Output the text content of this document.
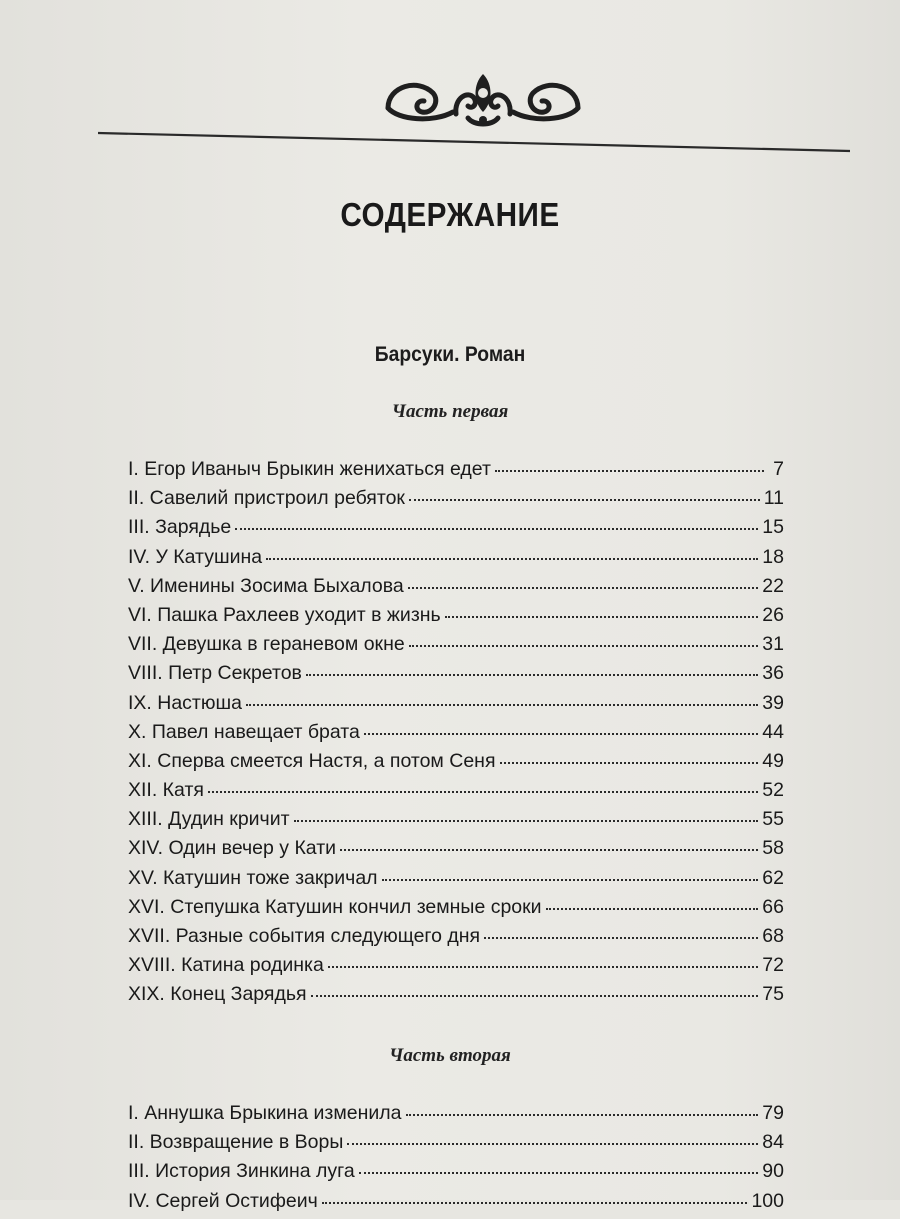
СОДЕРЖАНИЕ
Барсуки. Роман
Часть первая
I. Егор Иваныч Брыкин женихаться едет	7
II. Савелий пристроил ребяток	11
III. Зарядье	15
IV. У Катушина	18
V. Именины Зосима Быхалова	22
VI. Пашка Рахлеев уходит в жизнь	26
VII. Девушка в гераневом окне	31
VIII. Петр Секретов	36
IX. Настюша	39
X. Павел навещает брата	44
XI. Сперва смеется Настя, а потом Сеня	49
XII. Катя	52
XIII. Дудин кричит	55
XIV. Один вечер у Кати	58
XV. Катушин тоже закричал	62
XVI. Степушка Катушин кончил земные сроки	66
XVII. Разные события следующего дня	68
XVIII. Катина родинка	72
XIX. Конец Зарядья	75
Часть вторая
I. Аннушка Брыкина изменила	79
II. Возвращение в Воры	84
III. История Зинкина луга	90
IV. Сергей Остифеич	100
